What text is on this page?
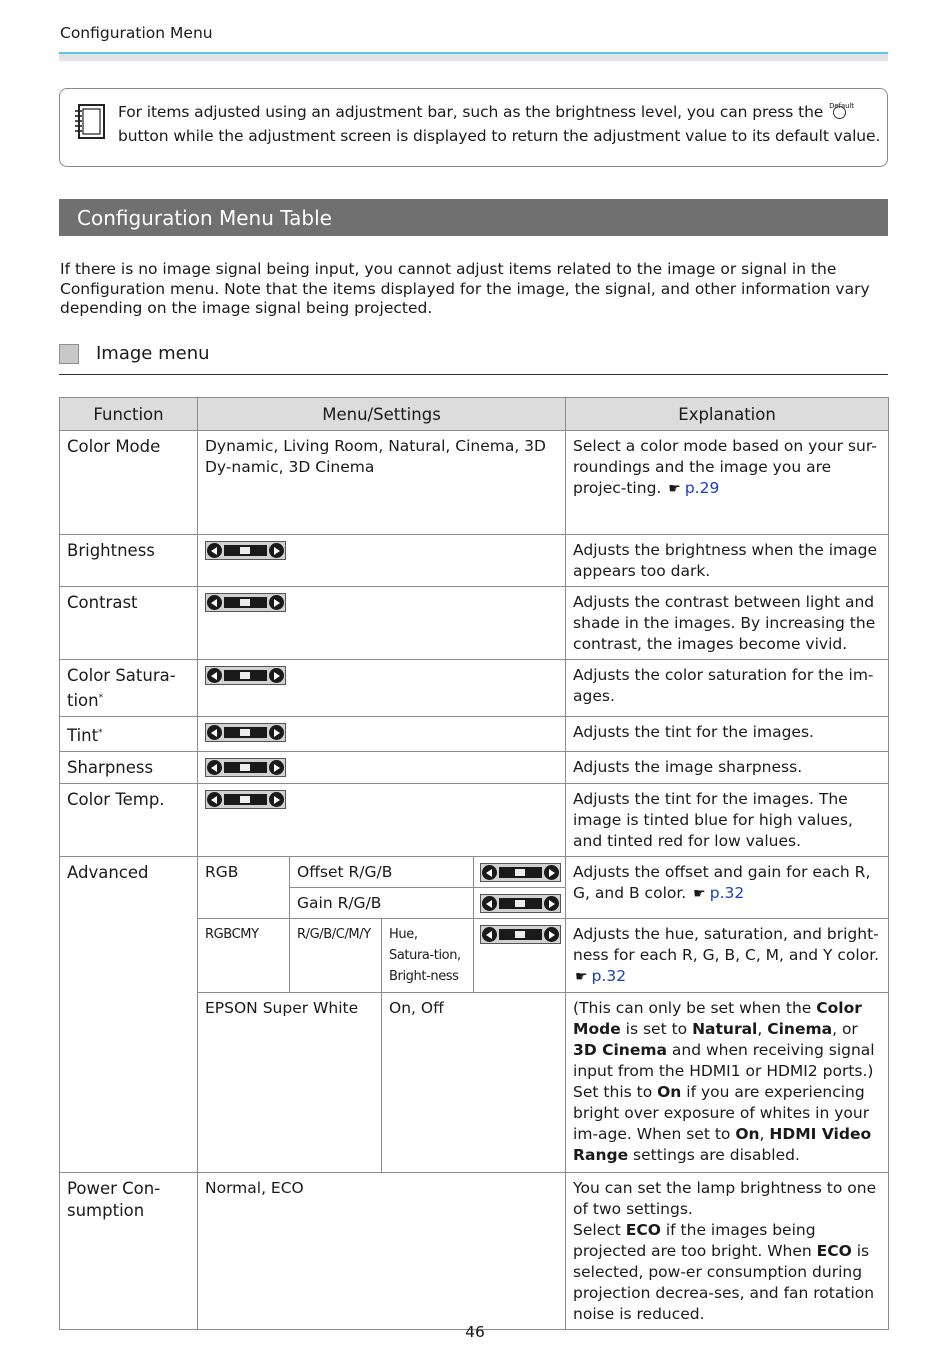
Configuration Menu
For items adjusted using an adjustment bar, such as the brightness level, you can press the Default

button while the adjustment screen is displayed to return the adjustment value to its default value.
Configuration Menu Table
If there is no image signal being input, you cannot adjust items related to the image or signal in the Configuration menu. Note that the items displayed for the image, the signal, and other information vary depending on the image signal being projected.
Image menu
Function	Menu/Settings				Explanation
Color Mode	Dynamic, Living Room, Natural, Cinema, 3D Dy-namic, 3D Cinema				Select a color mode based on your sur-roundings and the image you are projec-ting. ☛ p.29
Brightness					Adjusts the brightness when the image appears too dark.
Contrast					Adjusts the contrast between light and shade in the images. By increasing the contrast, the images become vivid.
Color Satura-tion*					Adjusts the color saturation for the im-ages.
Tint*					Adjusts the tint for the images.
Sharpness					Adjusts the image sharpness.
Color Temp.					Adjusts the tint for the images. The image is tinted blue for high values, and tinted red for low values.
Advanced	RGB	Offset R/G/B			Adjusts the offset and gain for each R, G, and B color. ☛ p.32
		Gain R/G/B			

	RGBCMY	R/G/B/C/M/Y	Hue, Satura-tion, Bright-ness		Adjusts the hue, saturation, and bright-ness for each R, G, B, C, M, and Y color.
☛ p.32
	EPSON Super White		On, Off		(This can only be set when the Color Mode is set to Natural, Cinema, or 3D Cinema and when receiving signal input from the HDMI1 or HDMI2 ports.)
Set this to On if you are experiencing bright over exposure of whites in your im-age. When set to On, HDMI Video Range settings are disabled.
Power Con-sumption	Normal, ECO				You can set the lamp brightness to one of two settings.
Select ECO if the images being projected are too bright. When ECO is selected, pow-er consumption during projection decrea-ses, and fan rotation noise is reduced.
46
